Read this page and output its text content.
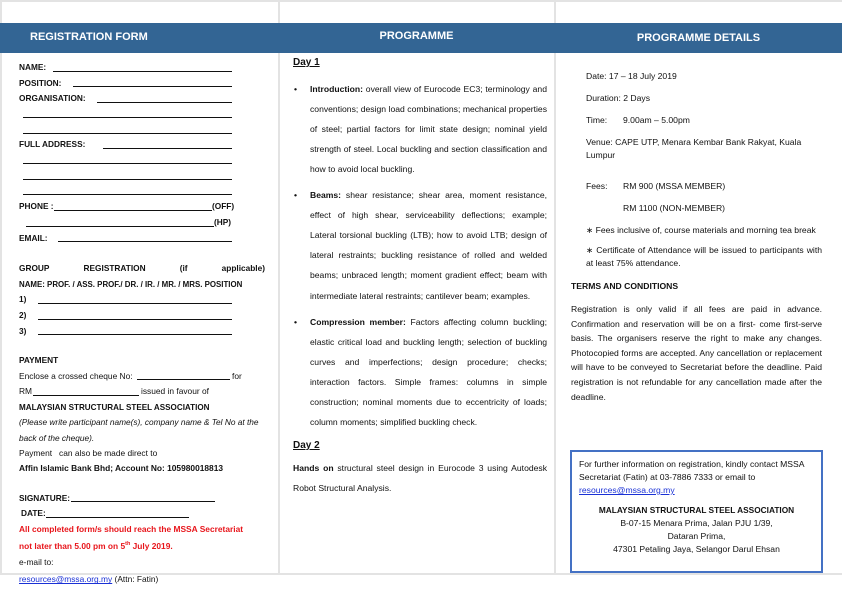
REGISTRATION FORM	PROGRAMME	PROGRAMME DETAILS
NAME:
POSITION:
ORGANISATION:
FULL ADDRESS:
PHONE :	(OFF)
(HP)
EMAIL:
GROUP	REGISTRATION	(if	applicable)
NAME: PROF. / ASS. PROF./ DR. / IR. / MR. / MRS. POSITION
1)
2)
3)
PAYMENT
Enclose a crossed cheque No:	for
RM	issued in favour of
MALAYSIAN STRUCTURAL STEEL ASSOCIATION
(Please write participant name(s), company name & Tel No at the back of the cheque).
Payment   can also be made direct to
Affin Islamic Bank Bhd; Account No: 105980018813
SIGNATURE:
DATE:
All completed form/s should reach the MSSA Secretariat
not later than 5.00 pm on 5th July 2019.
e-mail to:
resources@mssa.org.my (Attn: Fatin)
Day 1
• Introduction: overall view of Eurocode EC3; terminology and conventions; design load combinations; mechanical properties of steel; partial factors for limit state design; nominal yield strength of steel. Local buckling and section classification and how to avoid local buckling.
• Beams: shear resistance; shear area, moment resistance, effect of high shear, serviceability deflections; example; Lateral torsional buckling (LTB); how to avoid LTB; design of lateral restraints; buckling resistance of rolled and welded beams; unbraced length; moment gradient effect; beam with intermediate lateral restraints; cantilever beam; examples.
• Compression member: Factors affecting column buckling; elastic critical load and buckling length; selection of buckling curves and imperfections; design procedure; checks; interaction factors. Simple frames: columns in simple construction; nominal moments due to eccentricity of loads; column moments; simplified buckling check.
Day 2
Hands on structural steel design in Eurocode 3 using Autodesk Robot Structural Analysis.
Date: 17 – 18 July 2019
Duration: 2 Days
Time: 9.00am – 5.00pm
Venue: CAPE UTP, Menara Kembar Bank Rakyat, Kuala Lumpur
Fees: RM 900 (MSSA MEMBER)
RM 1100 (NON-MEMBER)
∗ Fees inclusive of, course materials and morning tea break
∗ Certificate of Attendance will be issued to participants with at least 75% attendance.
TERMS AND CONDITIONS
Registration is only valid if all fees are paid in advance. Confirmation and reservation will be on a first- come first-serve basis. The organisers reserve the right to make any changes. Photocopied forms are accepted. Any cancellation or replacement will have to be conveyed to Secretariat before the deadline. Paid registration is not refundable for any cancellation made after the deadline.
For further information on registration, kindly contact MSSA Secretariat (Fatin) at 03-7886 7333 or email to resources@mssa.org.my
MALAYSIAN STRUCTURAL STEEL ASSOCIATION
B-07-15 Menara Prima, Jalan PJU 1/39,
Dataran Prima,
47301 Petaling Jaya, Selangor Darul Ehsan
